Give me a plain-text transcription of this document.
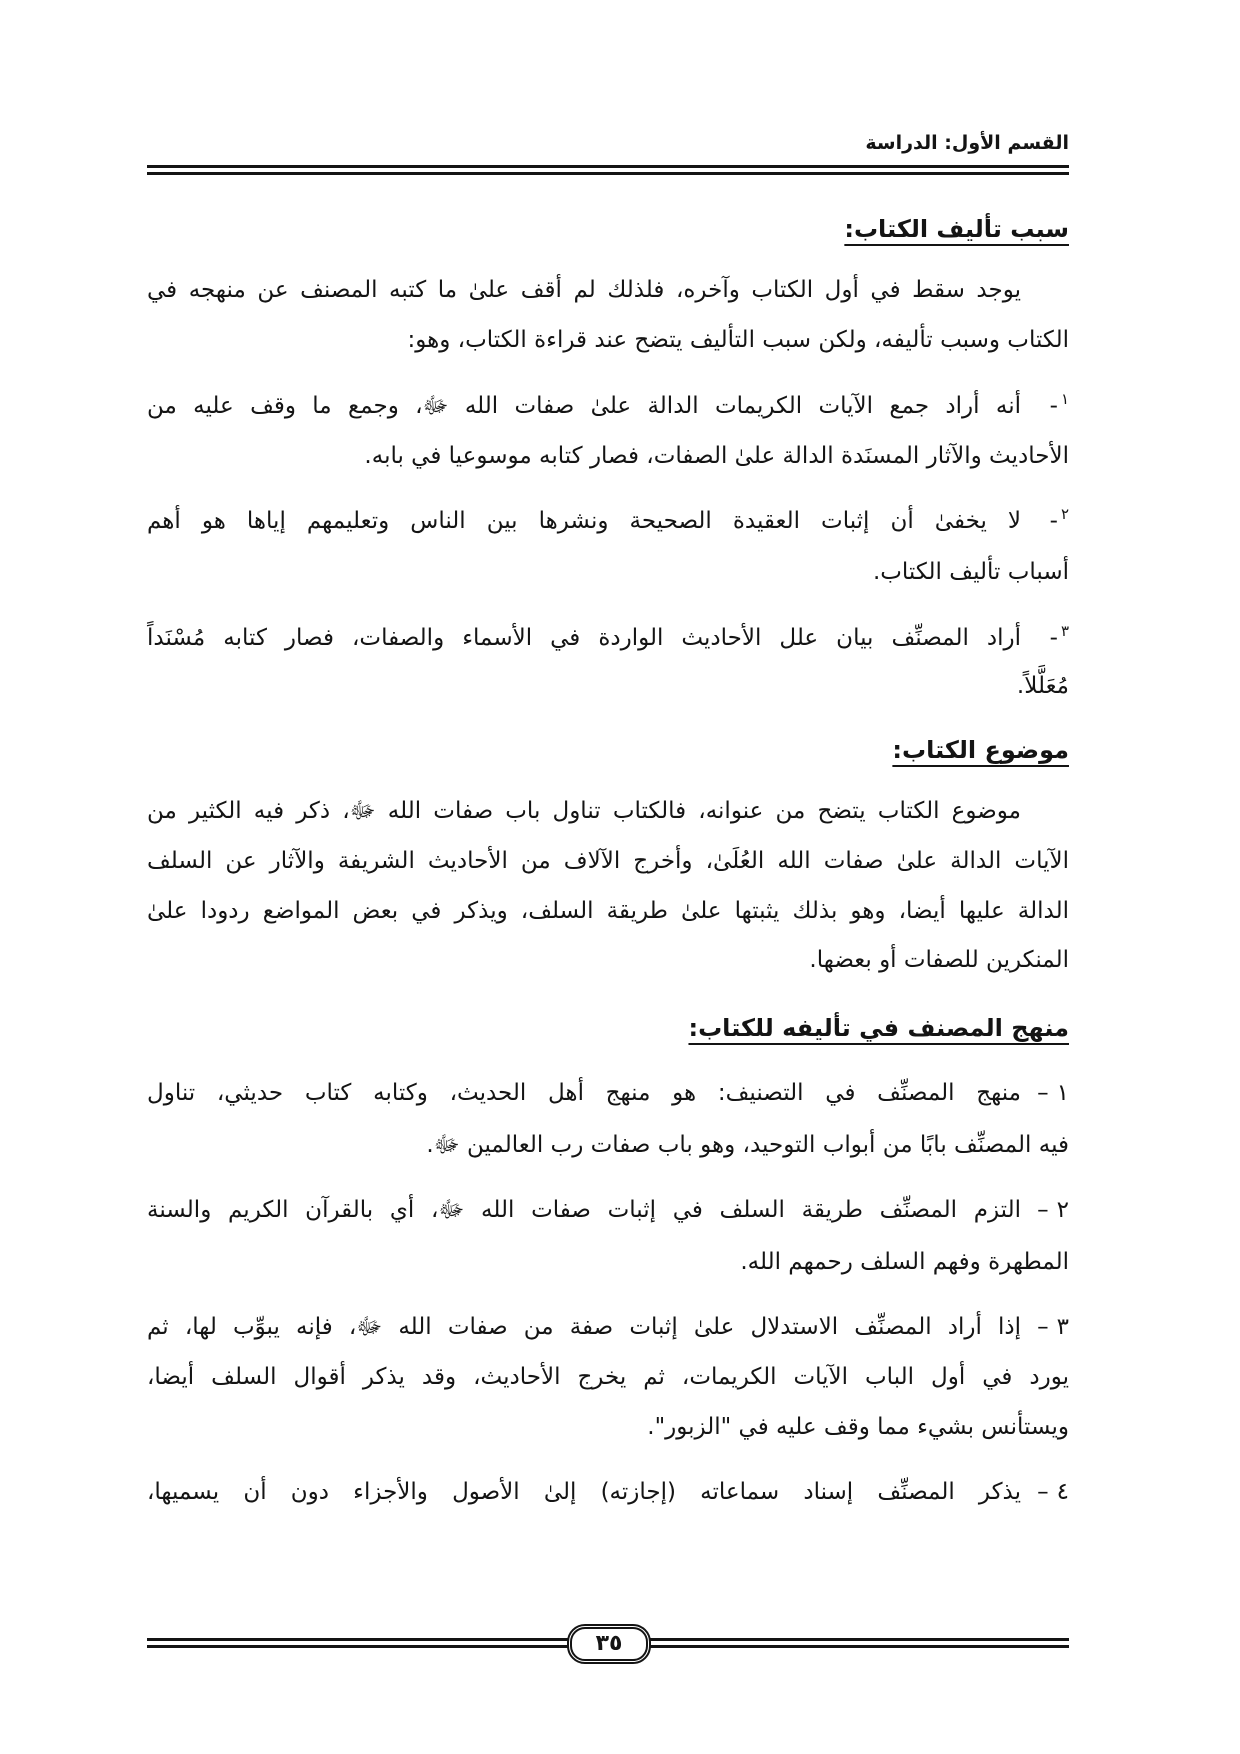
القسم الأول: الدراسة
سبب تأليف الكتاب:
يوجد سقط في أول الكتاب وآخره، فلذلك لم أقف علىٰ ما كتبه المصنف عن منهجه في
الكتاب وسبب تأليفه، ولكن سبب التأليف يتضح عند قراءة الكتاب، وهو:
$^١$-
أنه أراد جمع الآيات الكريمات الدالة علىٰ صفات الله ﷻ، وجمع ما وقف عليه من
الأحاديث والآثار المسنَدة الدالة علىٰ الصفات، فصار كتابه موسوعيا في بابه.
$^٢$-
لا يخفىٰ أن إثبات العقيدة الصحيحة ونشرها بين الناس وتعليمهم إياها هو أهم
أسباب تأليف الكتاب.
$^٣$-
أراد المصنِّف بيان علل الأحاديث الواردة في الأسماء والصفات، فصار كتابه مُسْنَداً
مُعَلَّلاً.
موضوع الكتاب:
موضوع الكتاب يتضح من عنوانه، فالكتاب تناول باب صفات الله ﷻ، ذكر فيه الكثير من
الآيات الدالة علىٰ صفات الله العُلَىٰ، وأخرج الآلاف من الأحاديث الشريفة والآثار عن السلف
الدالة عليها أيضا، وهو بذلك يثبتها علىٰ طريقة السلف، ويذكر في بعض المواضع ردودا علىٰ
المنكرين للصفات أو بعضها.
منهج المصنف في تأليفه للكتاب:
١–
منهج المصنِّف في التصنيف: هو منهج أهل الحديث، وكتابه كتاب حديثي، تناول
فيه المصنِّف بابًا من أبواب التوحيد، وهو باب صفات رب العالمين ﷻ.
٢–
التزم المصنِّف طريقة السلف في إثبات صفات الله ﷻ، أي بالقرآن الكريم والسنة
المطهرة وفهم السلف رحمهم الله.
٣–
إذا أراد المصنِّف الاستدلال علىٰ إثبات صفة من صفات الله ﷻ، فإنه يبوِّب لها، ثم
يورد في أول الباب الآيات الكريمات، ثم يخرج الأحاديث، وقد يذكر أقوال السلف أيضا،
ويستأنس بشيء مما وقف عليه في "الزبور".
٤–
يذكر المصنِّف إسناد سماعاته (إجازته) إلىٰ الأصول والأجزاء دون أن يسميها،
٣٥
